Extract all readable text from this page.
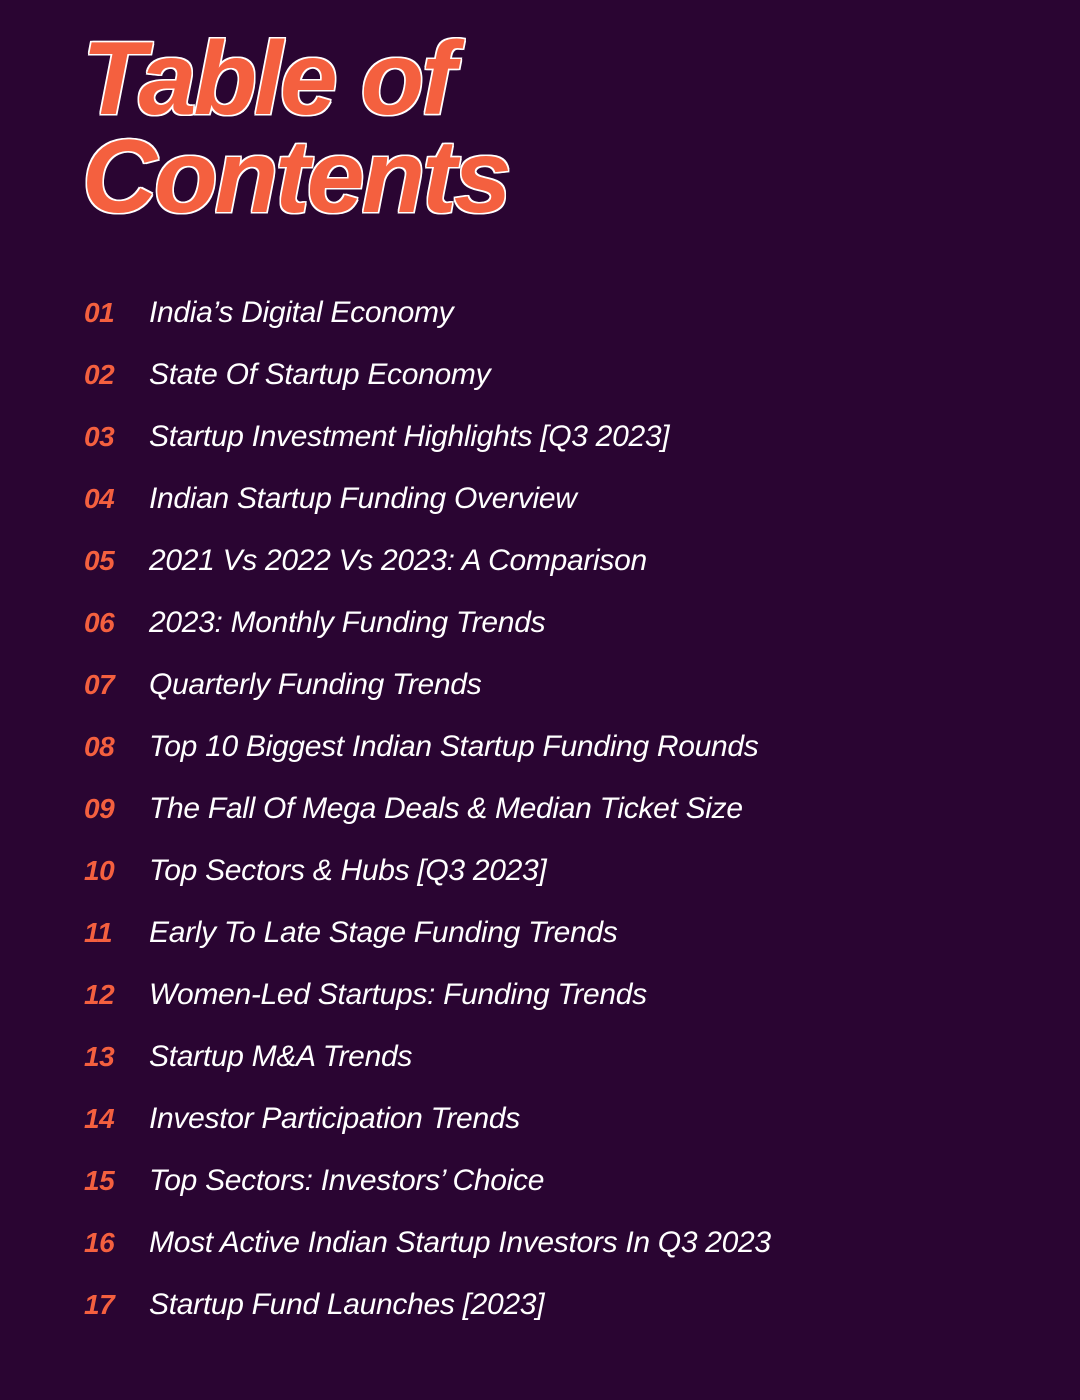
Table of
Contents
01	India’s Digital Economy
02	State Of Startup Economy
03	Startup Investment Highlights [Q3 2023]
04	Indian Startup Funding Overview
05	2021 Vs 2022 Vs 2023: A Comparison
06	2023: Monthly Funding Trends
07	Quarterly Funding Trends
08	Top 10 Biggest Indian Startup Funding Rounds
09	The Fall Of Mega Deals & Median Ticket Size
10	Top Sectors & Hubs [Q3 2023]
11	Early To Late Stage Funding Trends
12	Women-Led Startups: Funding Trends
13	Startup M&A Trends
14	Investor Participation Trends
15	Top Sectors: Investors’ Choice
16	Most Active Indian Startup Investors In Q3 2023
17	Startup Fund Launches [2023]
